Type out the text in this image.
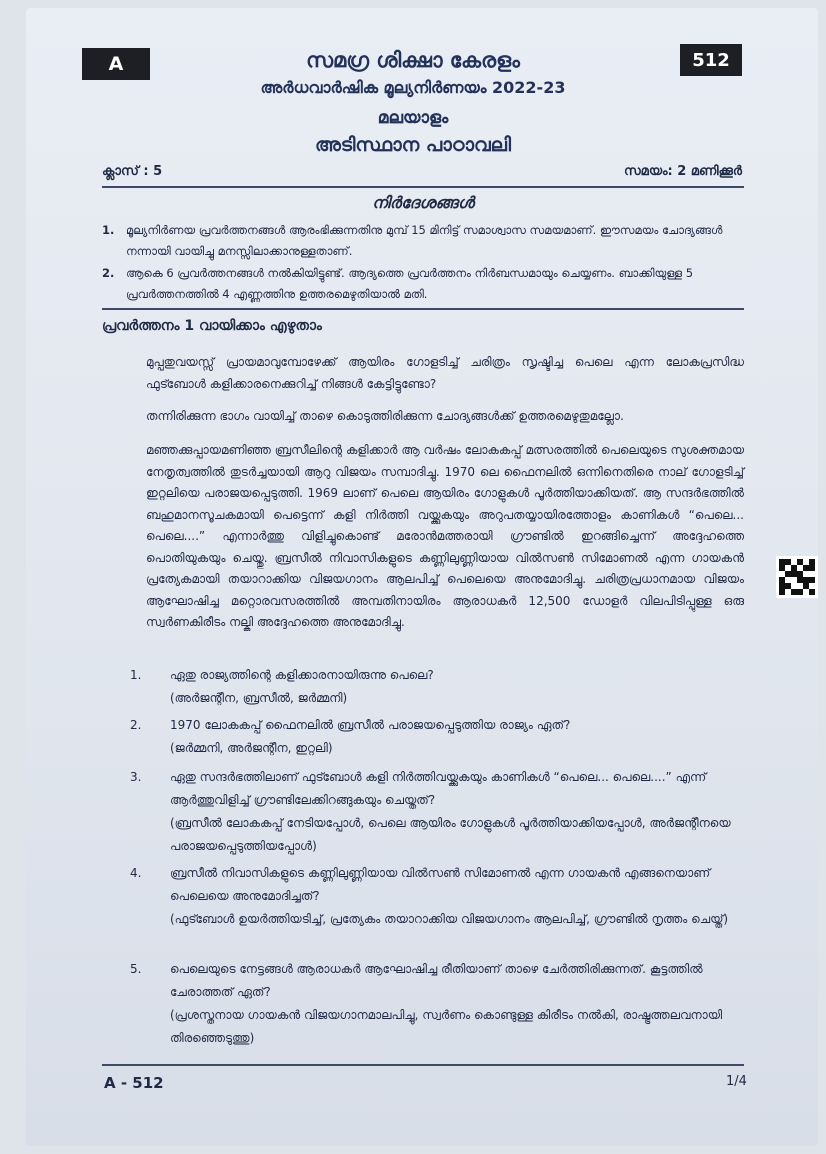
A	512
സമഗ്ര ശിക്ഷാ കേരളം
അർധവാർഷിക മൂല്യനിർണയം 2022-23
മലയാളം
അടിസ്ഥാന പാഠാവലി
ക്ലാസ് : 5	സമയം: 2 മണിക്കൂർ
നിർദേശങ്ങൾ
1.	മൂല്യനിർണയ പ്രവർത്തനങ്ങൾ ആരംഭിക്കുന്നതിനു മുമ്പ് 15 മിനിട്ട് സമാശ്വാസ സമയമാണ്. ഈസമയം ചോദ്യങ്ങൾ നന്നായി വായിച്ചു മനസ്സിലാക്കാനുള്ളതാണ്.
2.	ആകെ 6 പ്രവർത്തനങ്ങൾ നൽകിയിട്ടുണ്ട്. ആദ്യത്തെ പ്രവർത്തനം നിർബന്ധമായും ചെയ്യണം. ബാക്കിയുള്ള 5 പ്രവർത്തനത്തിൽ 4 എണ്ണത്തിനു ഉത്തരമെഴുതിയാൽ മതി.
പ്രവർത്തനം 1 വായിക്കാം എഴുതാം
മുപ്പതുവയസ്സ് പ്രായമാവുമ്പോഴേക്ക് ആയിരം ഗോളടിച്ച് ചരിത്രം സൃഷ്ടിച്ച പെലെ എന്ന ലോകപ്രസിദ്ധ ഫുട്ബോൾ കളിക്കാരനെക്കുറിച്ച് നിങ്ങൾ കേട്ടിട്ടുണ്ടോ?
തന്നിരിക്കുന്ന ഭാഗം വായിച്ച് താഴെ കൊടുത്തിരിക്കുന്ന ചോദ്യങ്ങൾക്ക് ഉത്തരമെഴുതുമല്ലോ.
മഞ്ഞക്കുപ്പായമണിഞ്ഞ ബ്രസീലിന്റെ കളിക്കാർ ആ വർഷം ലോകകപ്പ് മത്സരത്തിൽ പെലെയുടെ സുശക്തമായ നേതൃത്വത്തിൽ തുടർച്ചയായി ആറു വിജയം സമ്പാദിച്ചു. 1970 ലെ ഫൈനലിൽ ഒന്നിനെതിരെ നാല് ഗോളടിച്ച് ഇറ്റലിയെ പരാജയപ്പെടുത്തി. 1969 ലാണ് പെലെ ആയിരം ഗോളുകൾ പൂർത്തിയാക്കിയത്. ആ സന്ദർഭത്തിൽ ബഹുമാനസൂചകമായി പെട്ടെന്ന് കളി നിർത്തി വയ്ക്കുകയും അറുപതയ്യായിരത്തോളം കാണികൾ “പെലെ... പെലെ....” എന്നാർത്തു വിളിച്ചുകൊണ്ട് മരോൻമത്തരായി ഗ്രൗണ്ടിൽ ഇറങ്ങിച്ചെന്ന് അദ്ദേഹത്തെ പൊതിയുകയും ചെയ്തു. ബ്രസീൽ നിവാസികളുടെ കണ്ണിലുണ്ണിയായ വിൽസൺ സിമോണൽ എന്ന ഗായകൻ പ്രത്യേകമായി തയാറാക്കിയ വിജയഗാനം ആലപിച്ച് പെലെയെ അനുമോദിച്ചു. ചരിത്രപ്രധാനമായ വിജയം ആഘോഷിച്ച മറ്റൊരവസരത്തിൽ അമ്പതിനായിരം ആരാധകർ 12,500 ഡോളർ വിലപിടിപ്പുള്ള ഒരു സ്വർണകിരീടം നല്കി അദ്ദേഹത്തെ അനുമോദിച്ചു.
1.	ഏതു രാജ്യത്തിന്റെ കളിക്കാരനായിരുന്നു പെലെ?
(അർജന്റീന, ബ്രസീൽ, ജർമ്മനി)
2.	1970 ലോകകപ്പ് ഫൈനലിൽ ബ്രസീൽ പരാജയപ്പെടുത്തിയ രാജ്യം ഏത്?
(ജർമ്മനി, അർജന്റീന, ഇറ്റലി)
3.	ഏതു സന്ദർഭത്തിലാണ് ഫുട്ബോൾ കളി നിർത്തിവയ്ക്കുകയും കാണികൾ “പെലെ... പെലെ....” എന്ന് ആർത്തുവിളിച്ച് ഗ്രൗണ്ടിലേക്കിറങ്ങുകയും ചെയ്തത്?
(ബ്രസീൽ ലോകകപ്പ് നേടിയപ്പോൾ, പെലെ ആയിരം ഗോളുകൾ പൂർത്തിയാക്കിയപ്പോൾ, അർജന്റീനയെ പരാജയപ്പെടുത്തിയപ്പോൾ)
4.	ബ്രസീൽ നിവാസികളുടെ കണ്ണിലുണ്ണിയായ വിൽസൺ സിമോണൽ എന്ന ഗായകൻ എങ്ങനെയാണ് പെലെയെ അനുമോദിച്ചത്?
(ഫുട്ബോൾ ഉയർത്തിയടിച്ച്, പ്രത്യേകം തയാറാക്കിയ വിജയഗാനം ആലപിച്ച്, ഗ്രൗണ്ടിൽ നൃത്തം ചെയ്ത്)
5.	പെലെയുടെ നേട്ടങ്ങൾ ആരാധകർ ആഘോഷിച്ച രീതിയാണ് താഴെ ചേർത്തിരിക്കുന്നത്. കൂട്ടത്തിൽ ചേരാത്തത് ഏത്?
(പ്രശസ്തനായ ഗായകൻ വിജയഗാനമാലപിച്ചു, സ്വർണം കൊണ്ടുള്ള കിരീടം നൽകി, രാഷ്ട്രത്തലവനായി തിരഞ്ഞെടുത്തു)
A - 512	1/4
